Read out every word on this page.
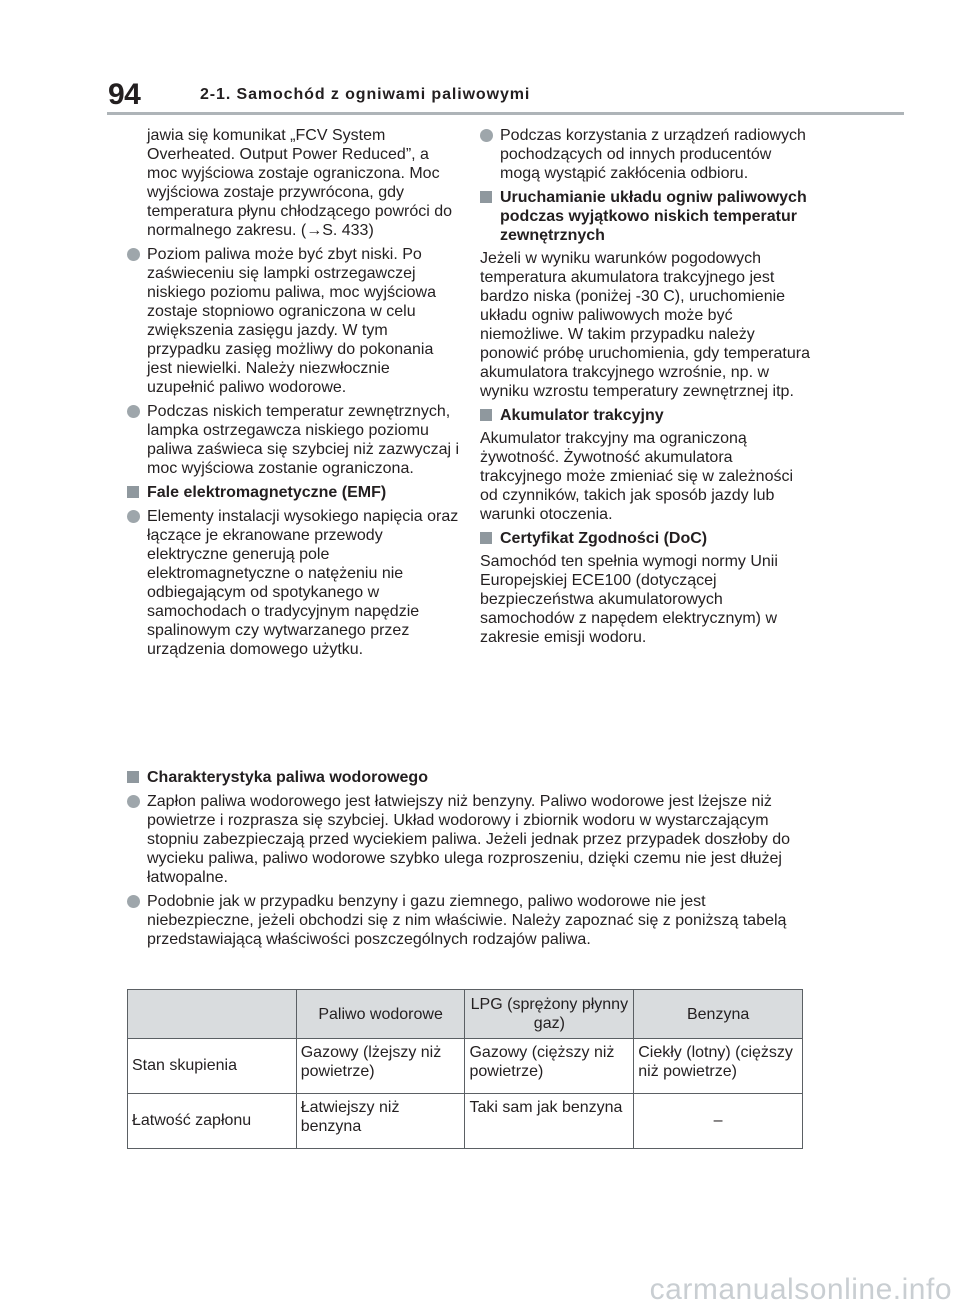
94	2-1. Samochód z ogniwami paliwowymi

jawia się komunikat „FCV System Overheated. Output Power Reduced”, a moc wyjściowa zostaje ograniczona. Moc wyjściowa zostaje przywrócona, gdy temperatura płynu chłodzącego powróci do normalnego zakresu. (→S. 433)

Poziom paliwa może być zbyt niski. Po zaświeceniu się lampki ostrzegawczej niskiego poziomu paliwa, moc wyjściowa zostaje stopniowo ograniczona w celu zwiększenia zasięgu jazdy. W tym przypadku zasięg możliwy do pokonania jest niewielki. Należy niezwłocznie uzupełnić paliwo wodorowe.
Podczas niskich temperatur zewnętrznych, lampka ostrzegawcza niskiego poziomu paliwa zaświeca się szybciej niż zazwyczaj i moc wyjściowa zostanie ograniczona.
Fale elektromagnetyczne (EMF)
Elementy instalacji wysokiego napięcia oraz łączące je ekranowane przewody elektryczne generują pole elektromagnetyczne o natężeniu nie odbiegającym od spotykanego w samochodach o tradycyjnym napędzie spalinowym czy wytwarzanego przez urządzenia domowego użytku.
Podczas korzystania z urządzeń radiowych pochodzących od innych producentów mogą wystąpić zakłócenia odbioru.
Uruchamianie układu ogniw paliwowych podczas wyjątkowo niskich temperatur zewnętrznych

Jeżeli w wyniku warunków pogodowych temperatura akumulatora trakcyjnego jest bardzo niska (poniżej -30 C), uruchomienie układu ogniw paliwowych może być niemożliwe. W takim przypadku należy ponowić próbę uruchomienia, gdy temperatura akumulatora trakcyjnego wzrośnie, np. w wyniku wzrostu temperatury zewnętrznej itp.

Akumulator trakcyjny

Akumulator trakcyjny ma ograniczoną żywotność. Żywotność akumulatora trakcyjnego może zmieniać się w zależności od czynników, takich jak sposób jazdy lub warunki otoczenia.

Certyfikat Zgodności (DoC)

Samochód ten spełnia wymogi normy Unii Europejskiej ECE100 (dotyczącej bezpieczeństwa akumulatorowych samochodów z napędem elektrycznym) w zakresie emisji wodoru.

Charakterystyka paliwa wodorowego
Zapłon paliwa wodorowego jest łatwiejszy niż benzyny. Paliwo wodorowe jest lżejsze niż powietrze i rozprasza się szybciej. Układ wodorowy i zbiornik wodoru w wystarczającym stopniu zabezpieczają przed wyciekiem paliwa. Jeżeli jednak przez przypadek doszłoby do wycieku paliwa, paliwo wodorowe szybko ulega rozproszeniu, dzięki czemu nie jest dłużej łatwopalne.
Podobnie jak w przypadku benzyny i gazu ziemnego, paliwo wodorowe nie jest niebezpieczne, jeżeli obchodzi się z nim właściwie. Należy zapoznać się z poniższą tabelą przedstawiającą właściwości poszczególnych rodzajów paliwa.
	Paliwo wodorowe	LPG (sprężony płynny gaz)	Benzyna
Stan skupienia	Gazowy (lżejszy niż powietrze)	Gazowy (cięższy niż powietrze)	Ciekły (lotny) (cięższy niż powietrze)
Łatwość zapłonu	Łatwiejszy niż benzyna	Taki sam jak benzyna	–
carmanualsonline.info
